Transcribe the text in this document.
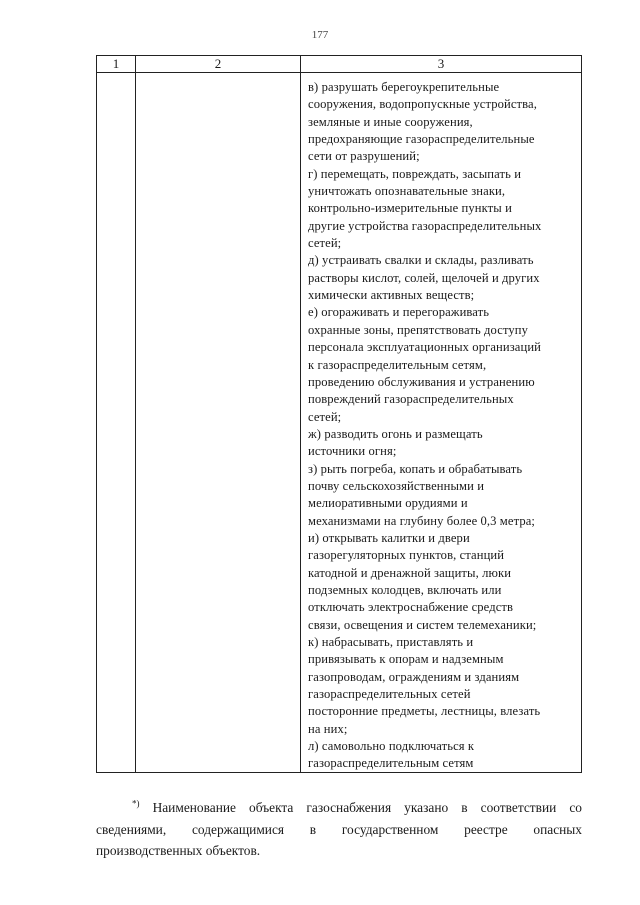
177
1	2	3
в) разрушать берегоукрепительные
сооружения, водопропускные устройства,
земляные и иные сооружения,
предохраняющие газораспределительные
сети от разрушений;
г) перемещать, повреждать, засыпать и
уничтожать опознавательные знаки,
контрольно-измерительные пункты и
другие устройства газораспределительных
сетей;
д) устраивать свалки и склады, разливать
растворы кислот, солей, щелочей и других
химически активных веществ;
е) огораживать и перегораживать
охранные зоны, препятствовать доступу
персонала эксплуатационных организаций
к газораспределительным сетям,
проведению обслуживания и устранению
повреждений газораспределительных
сетей;
ж) разводить огонь и размещать
источники огня;
з) рыть погреба, копать и обрабатывать
почву сельскохозяйственными и
мелиоративными орудиями и
механизмами на глубину более 0,3 метра;
и) открывать калитки и двери
газорегуляторных пунктов, станций
катодной и дренажной защиты, люки
подземных колодцев, включать или
отключать электроснабжение средств
связи, освещения и систем телемеханики;
к) набрасывать, приставлять и
привязывать к опорам и надземным
газопроводам, ограждениям и зданиям
газораспределительных сетей
посторонние предметы, лестницы, влезать
на них;
л) самовольно подключаться к
газораспределительным сетям
*) Наименование объекта газоснабжения указано в соответствии со
сведениями, содержащимися в государственном реестре опасных
производственных объектов.
